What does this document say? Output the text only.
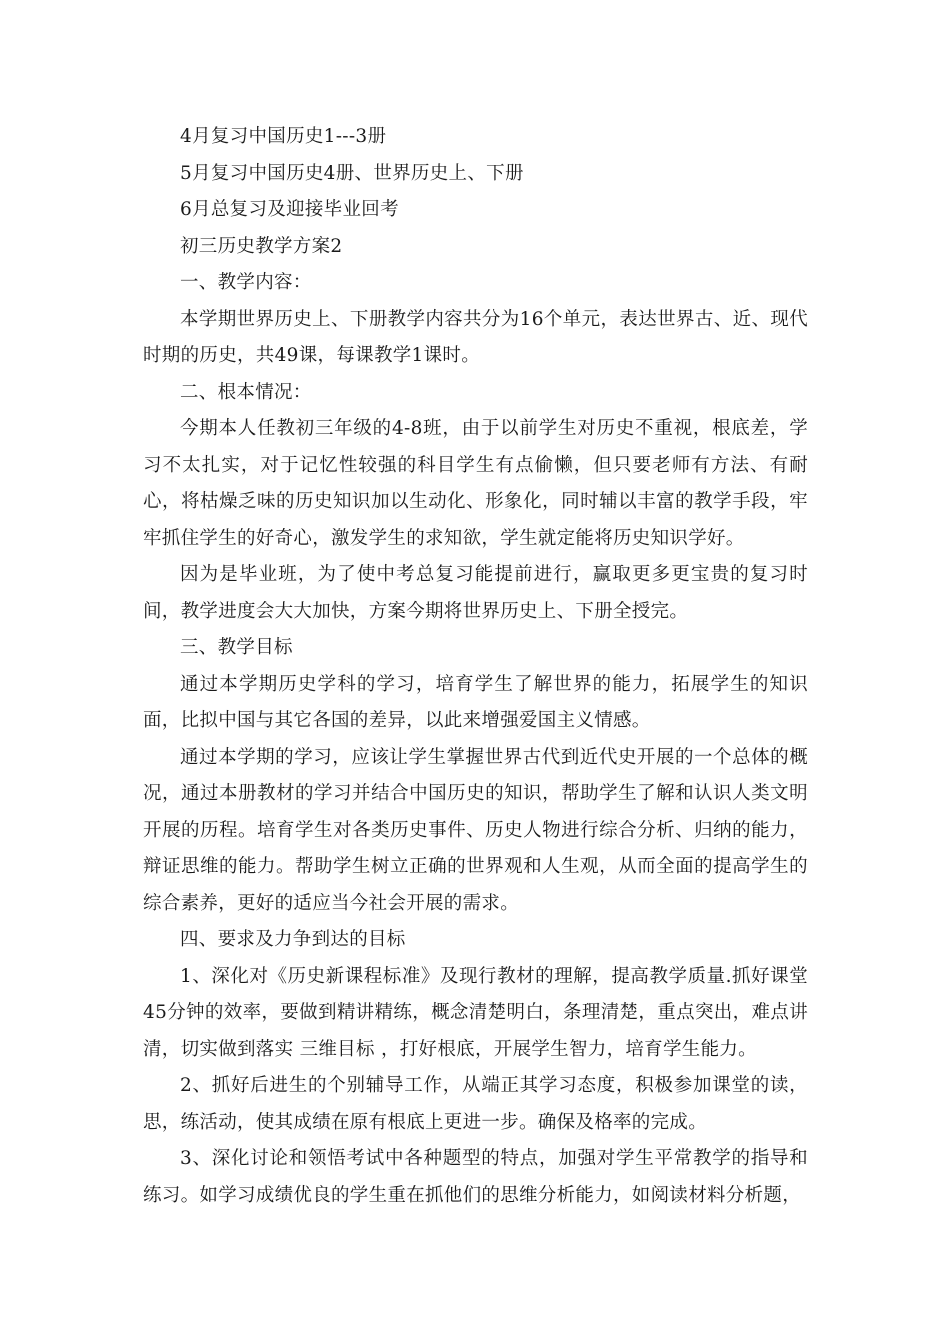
4月复习中国历史1---3册

5月复习中国历史4册、世界历史上、下册

6月总复习及迎接毕业回考

初三历史教学方案2

一、教学内容：

本学期世界历史上、下册教学内容共分为16个单元，表达世界古、近、现代时期的历史，共49课，每课教学1课时。

二、根本情况：

今期本人任教初三年级的4-8班，由于以前学生对历史不重视，根底差，学习不太扎实，对于记忆性较强的科目学生有点偷懒，但只要老师有方法、有耐心，将枯燥乏味的历史知识加以生动化、形象化，同时辅以丰富的教学手段，牢牢抓住学生的好奇心，激发学生的求知欲，学生就定能将历史知识学好。

因为是毕业班，为了使中考总复习能提前进行，赢取更多更宝贵的复习时间，教学进度会大大加快，方案今期将世界历史上、下册全授完。

三、教学目标

通过本学期历史学科的学习，培育学生了解世界的能力，拓展学生的知识面，比拟中国与其它各国的差异，以此来增强爱国主义情感。

通过本学期的学习，应该让学生掌握世界古代到近代史开展的一个总体的概况，通过本册教材的学习并结合中国历史的知识，帮助学生了解和认识人类文明开展的历程。培育学生对各类历史事件、历史人物进行综合分析、归纳的能力，辩证思维的能力。帮助学生树立正确的世界观和人生观，从而全面的提高学生的综合素养，更好的适应当今社会开展的需求。

四、要求及力争到达的目标

1、深化对《历史新课程标准》及现行教材的理解，提高教学质量.抓好课堂45分钟的效率，要做到精讲精练，概念清楚明白，条理清楚，重点突出，难点讲清，切实做到落实 三维目标 ，打好根底，开展学生智力，培育学生能力。

2、抓好后进生的个别辅导工作，从端正其学习态度，积极参加课堂的读，思，练活动，使其成绩在原有根底上更进一步。确保及格率的完成。

3、深化讨论和领悟考试中各种题型的特点，加强对学生平常教学的指导和练习。如学习成绩优良的学生重在抓他们的思维分析能力，如阅读材料分析题，
